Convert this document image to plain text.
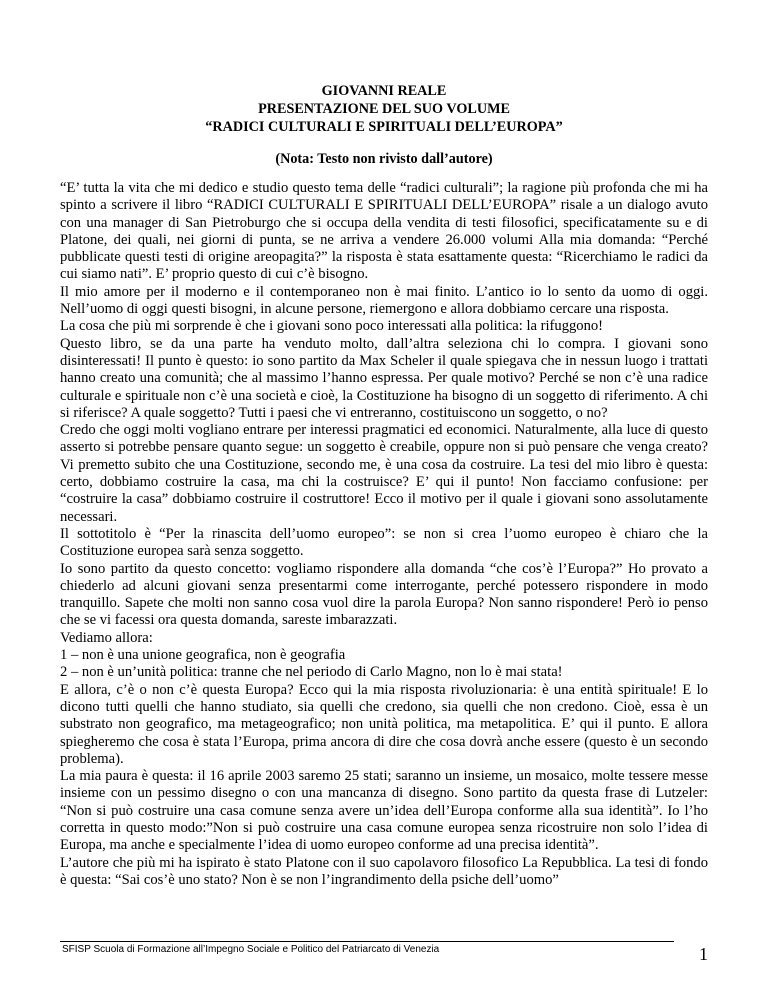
GIOVANNI REALE
PRESENTAZIONE DEL SUO VOLUME
“RADICI CULTURALI E SPIRITUALI DELL’EUROPA”
(Nota: Testo non rivisto dall’autore)

“E’ tutta la vita che mi dedico e studio questo tema delle “radici culturali”; la ragione più profonda che mi ha spinto a scrivere il libro “RADICI CULTURALI E SPIRITUALI DELL’EUROPA” risale a un dialogo avuto con una manager di San Pietroburgo che si occupa della vendita di testi filosofici, specificatamente su e di Platone, dei quali, nei giorni di punta, se ne arriva a vendere 26.000 volumi Alla mia domanda: “Perché pubblicate questi testi di origine areopagita?” la risposta è stata esattamente questa: “Ricerchiamo le radici da cui siamo nati”. E’ proprio questo di cui c’è bisogno.

Il mio amore per il moderno e il contemporaneo non è mai finito. L’antico io lo sento da uomo di oggi. Nell’uomo di oggi questi bisogni, in alcune persone, riemergono e allora dobbiamo cercare una risposta.

La cosa che più mi sorprende è che i giovani sono poco interessati alla politica: la rifuggono!

Questo libro, se da una parte ha venduto molto, dall’altra seleziona chi lo compra. I giovani sono disinteressati! Il punto è questo: io sono partito da Max Scheler il quale spiegava che in nessun luogo i trattati hanno creato una comunità; che al massimo l’hanno espressa. Per quale motivo? Perché se non c’è una radice culturale e spirituale non c’è una società e cioè, la Costituzione ha bisogno di un soggetto di riferimento. A chi si riferisce? A quale soggetto? Tutti i paesi che vi entreranno, costituiscono un soggetto, o no?

Credo che oggi molti vogliano entrare per interessi pragmatici ed economici. Naturalmente, alla luce di questo asserto si potrebbe pensare quanto segue: un soggetto è creabile, oppure non si può pensare che venga creato? Vi premetto subito che una Costituzione, secondo me, è una cosa da costruire. La tesi del mio libro è questa: certo, dobbiamo costruire la casa, ma chi la costruisce? E’ qui il punto! Non facciamo confusione: per “costruire la casa” dobbiamo costruire il costruttore! Ecco il motivo per il quale i giovani sono assolutamente necessari.

Il sottotitolo è “Per la rinascita dell’uomo europeo”: se non si crea l’uomo europeo è chiaro che la Costituzione europea sarà senza soggetto.

Io sono partito da questo concetto: vogliamo rispondere alla domanda “che cos’è l’Europa?” Ho provato a chiederlo ad alcuni giovani senza presentarmi come interrogante, perché potessero rispondere in modo tranquillo. Sapete che molti non sanno cosa vuol dire la parola Europa? Non sanno rispondere! Però io penso che se vi facessi ora questa domanda, sareste imbarazzati.

Vediamo allora:

1 – non è una unione geografica, non è geografia

2 – non è un’unità politica: tranne che nel periodo di Carlo Magno, non lo è mai stata!

E allora, c’è o non c’è questa Europa? Ecco qui la mia risposta rivoluzionaria: è una entità spirituale! E lo dicono tutti quelli che hanno studiato, sia quelli che credono, sia quelli che non credono. Cioè, essa è un substrato non geografico, ma metageografico; non unità politica, ma metapolitica. E’ qui il punto. E allora spiegheremo che cosa è stata l’Europa, prima ancora di dire che cosa dovrà anche essere (questo è un secondo problema).

La mia paura è questa: il 16 aprile 2003 saremo 25 stati; saranno un insieme, un mosaico, molte tessere messe insieme con un pessimo disegno o con una mancanza di disegno. Sono partito da questa frase di Lutzeler: “Non si può costruire una casa comune senza avere un’idea dell’Europa conforme alla sua identità”. Io l’ho corretta in questo modo:”Non si può costruire una casa comune europea senza ricostruire non solo l’idea di Europa, ma anche e specialmente l’idea di uomo europeo conforme ad una precisa identità”.

L’autore che più mi ha ispirato è stato Platone con il suo capolavoro filosofico La Repubblica. La tesi di fondo è questa: “Sai cos’è uno stato? Non è se non l’ingrandimento della psiche dell’uomo”

SFISP Scuola di Formazione all’Impegno Sociale e Politico del Patriarcato di Venezia	1
